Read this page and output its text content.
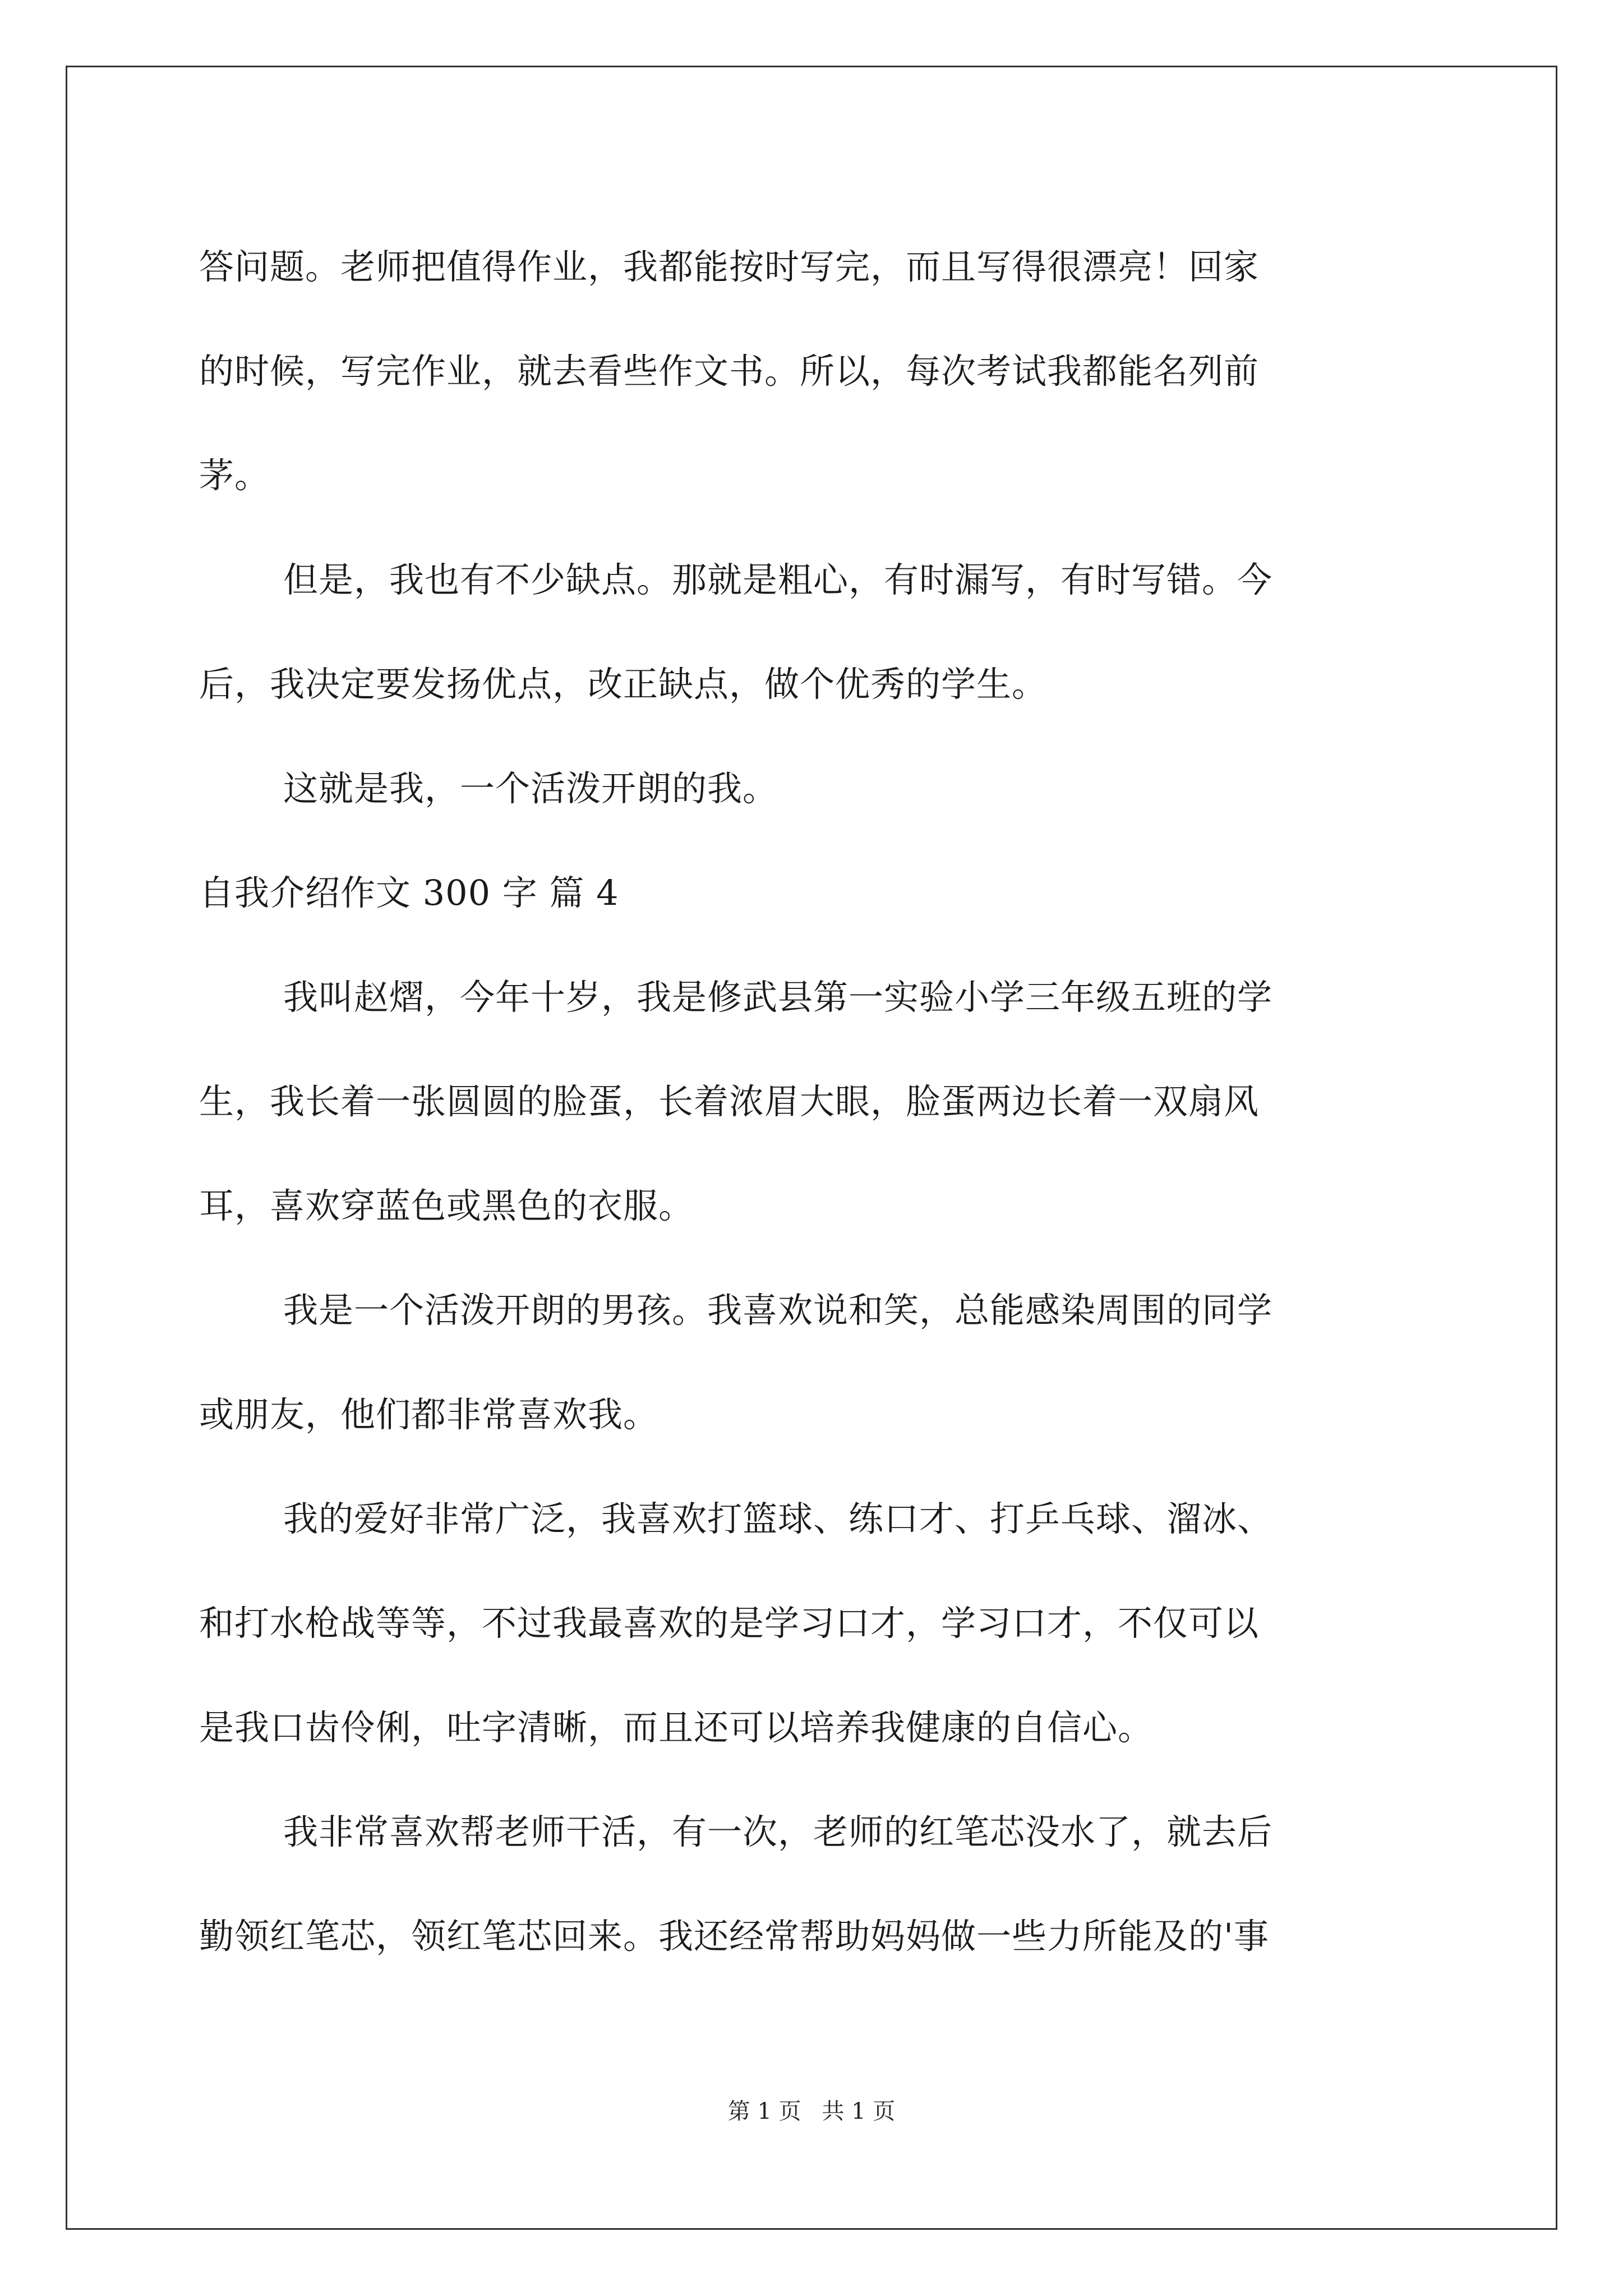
答问题。老师把值得作业，我都能按时写完，而且写得很漂亮！回家
的时候，写完作业，就去看些作文书。所以，每次考试我都能名列前
茅。
但是，我也有不少缺点。那就是粗心，有时漏写，有时写错。今
后，我决定要发扬优点，改正缺点，做个优秀的学生。
这就是我，一个活泼开朗的我。
自我介绍作文 300 字 篇 4
我叫赵熠，今年十岁，我是修武县第一实验小学三年级五班的学
生，我长着一张圆圆的脸蛋，长着浓眉大眼，脸蛋两边长着一双扇风
耳，喜欢穿蓝色或黑色的衣服。
我是一个活泼开朗的男孩。我喜欢说和笑，总能感染周围的同学
或朋友，他们都非常喜欢我。
我的爱好非常广泛，我喜欢打篮球、练口才、打乒乓球、溜冰、
和打水枪战等等，不过我最喜欢的是学习口才，学习口才，不仅可以
是我口齿伶俐，吐字清晰，而且还可以培养我健康的自信心。
我非常喜欢帮老师干活，有一次，老师的红笔芯没水了，就去后
勤领红笔芯，领红笔芯回来。我还经常帮助妈妈做一些力所能及的'事
第 1 页 共 1 页
